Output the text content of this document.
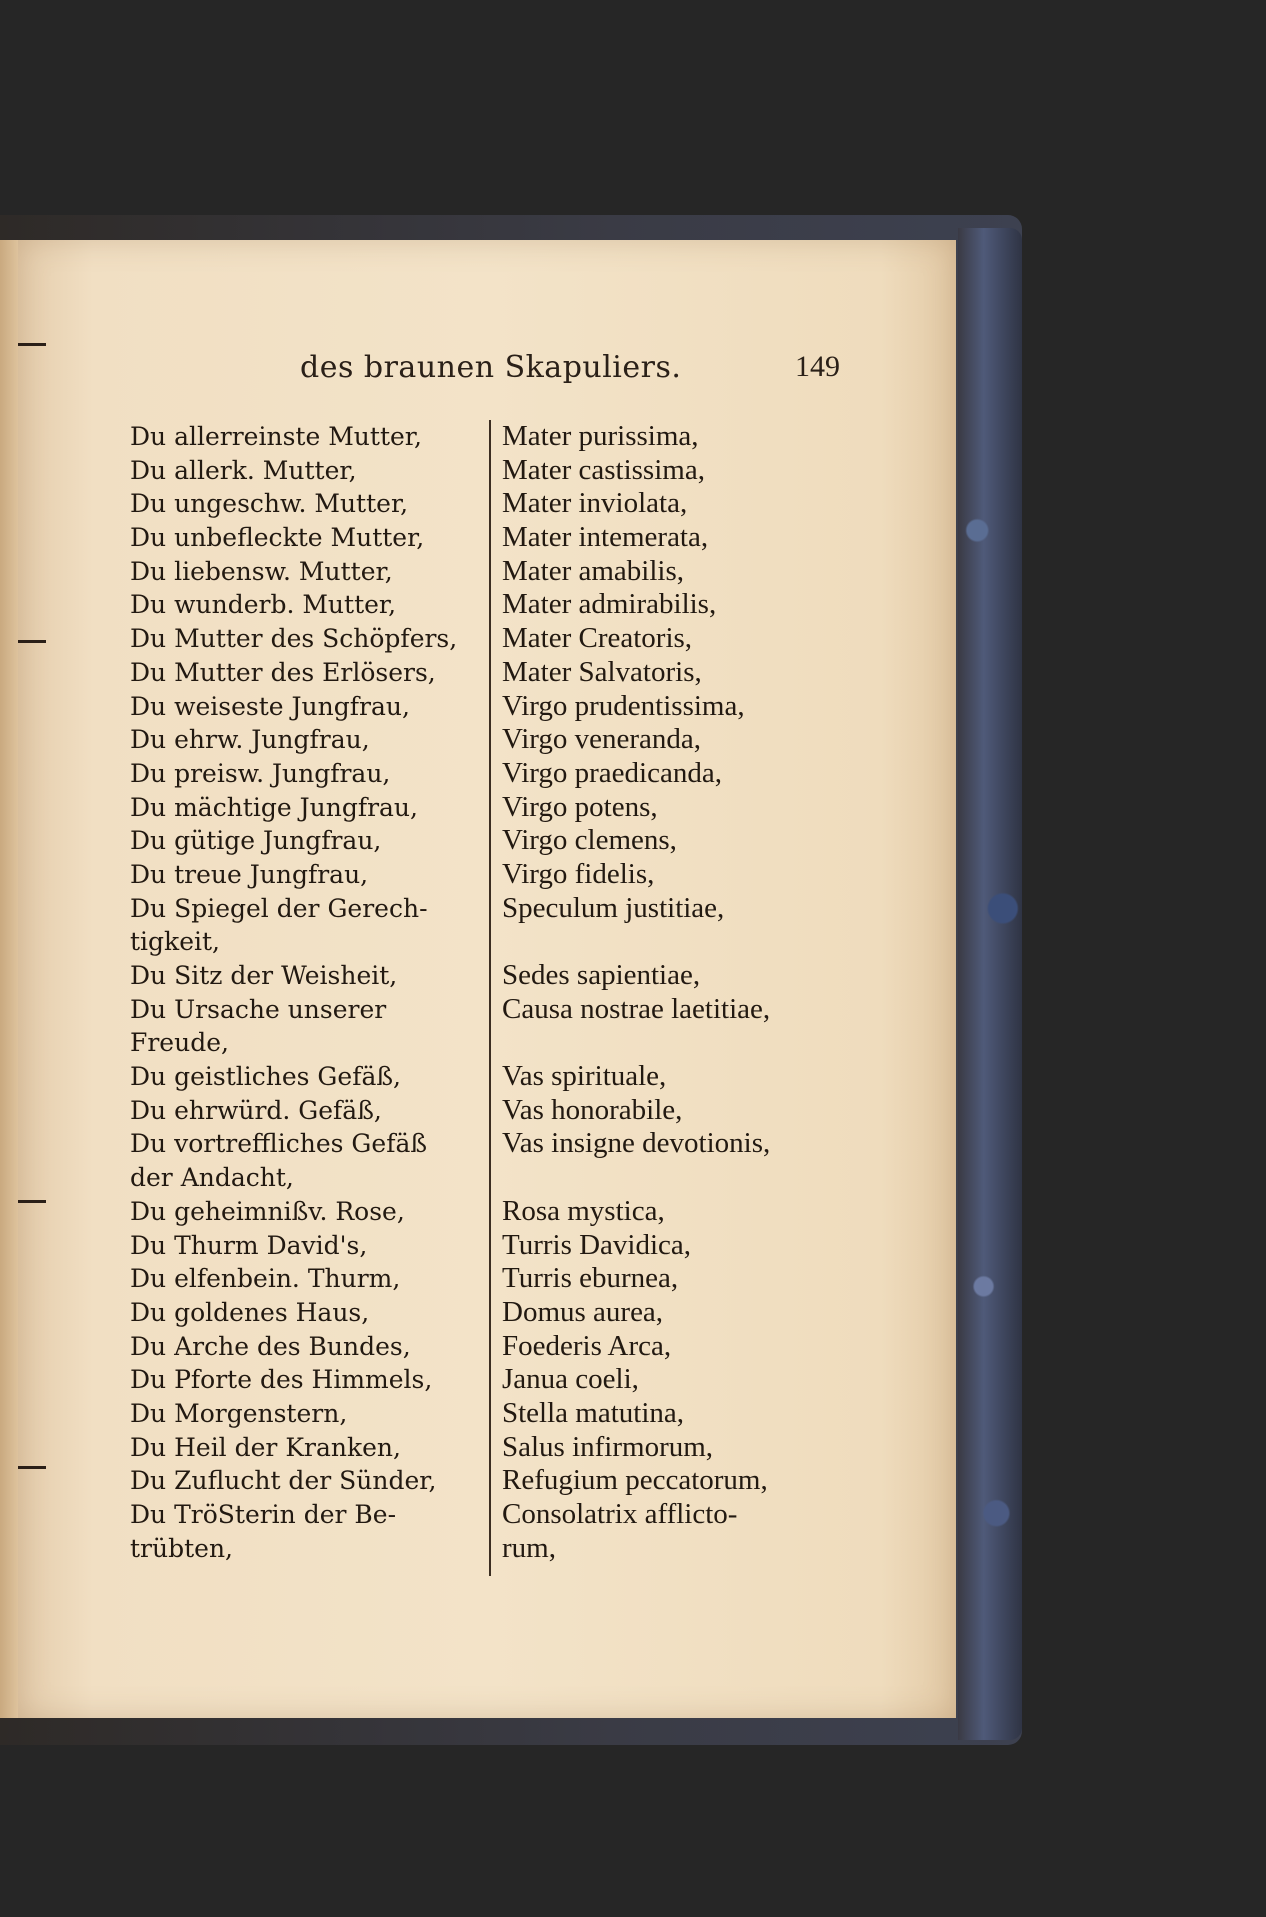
des braunen Skapuliers.	149
Du allerreinste Mutter,
Du allerk. Mutter,
Du ungeschw. Mutter,
Du unbefleckte Mutter,
Du liebensw. Mutter,
Du wunderb. Mutter,
Du Mutter des Schöpfers,
Du Mutter des Erlösers,
Du weiseste Jungfrau,
Du ehrw. Jungfrau,
Du preisw. Jungfrau,
Du mächtige Jungfrau,
Du gütige Jungfrau,
Du treue Jungfrau,
Du Spiegel der Gerech-
tigkeit,
Du Sitz der Weisheit,
Du Ursache unserer
Freude,
Du geistliches Gefäß,
Du ehrwürd. Gefäß,
Du vortreffliches Gefäß
der Andacht,
Du geheimnißv. Rose,
Du Thurm David's,
Du elfenbein. Thurm,
Du goldenes Haus,
Du Arche des Bundes,
Du Pforte des Himmels,
Du Morgenstern,
Du Heil der Kranken,
Du Zuflucht der Sünder,
Du TröSterin der Be-
trübten,
Mater purissima,
Mater castissima,
Mater inviolata,
Mater intemerata,
Mater amabilis,
Mater admirabilis,
Mater Creatoris,
Mater Salvatoris,
Virgo prudentissima,
Virgo veneranda,
Virgo praedicanda,
Virgo potens,
Virgo clemens,
Virgo fidelis,
Speculum justitiae,
Sedes sapientiae,
Causa nostrae laetitiae,
Vas spirituale,
Vas honorabile,
Vas insigne devotionis,
Rosa mystica,
Turris Davidica,
Turris eburnea,
Domus aurea,
Foederis Arca,
Janua coeli,
Stella matutina,
Salus infirmorum,
Refugium peccatorum,
Consolatrix afflicto-
rum,
